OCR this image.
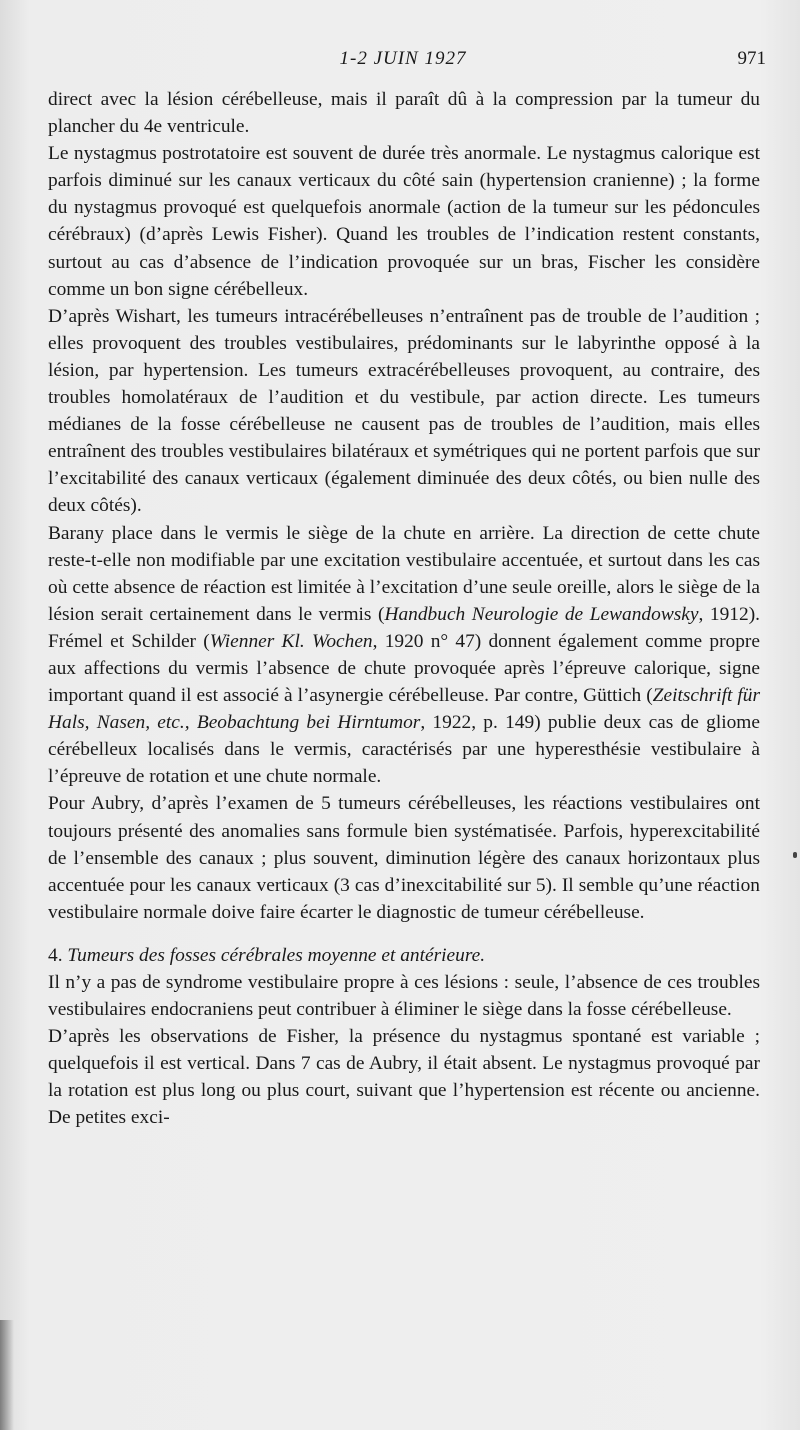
1-2 JUIN 1927	971

direct avec la lésion cérébelleuse, mais il paraît dû à la compression par la tumeur du plancher du 4e ventricule.

Le nystagmus postrotatoire est souvent de durée très anormale. Le nystagmus calorique est parfois diminué sur les canaux verticaux du côté sain (hypertension cranienne) ; la forme du nystagmus provoqué est quelquefois anormale (action de la tumeur sur les pédoncules cérébraux) (d’après Lewis Fisher). Quand les troubles de l’indication restent constants, surtout au cas d’absence de l’indication provoquée sur un bras, Fischer les considère comme un bon signe cérébelleux.

D’après Wishart, les tumeurs intracérébelleuses n’entraînent pas de trouble de l’audition ; elles provoquent des troubles vestibulaires, prédominants sur le labyrinthe opposé à la lésion, par hypertension. Les tumeurs extracérébelleuses provoquent, au contraire, des troubles homolatéraux de l’audition et du vestibule, par action directe. Les tumeurs médianes de la fosse cérébelleuse ne causent pas de troubles de l’audition, mais elles entraînent des troubles vestibulaires bilatéraux et symétriques qui ne portent parfois que sur l’excitabilité des canaux verticaux (également diminuée des deux côtés, ou bien nulle des deux côtés).

Barany place dans le vermis le siège de la chute en arrière. La direction de cette chute reste-t-elle non modifiable par une excitation vestibulaire accentuée, et surtout dans les cas où cette absence de réaction est limitée à l’excitation d’une seule oreille, alors le siège de la lésion serait certainement dans le vermis (Handbuch Neurologie de Lewandowsky, 1912). Frémel et Schilder (Wienner Kl. Wochen, 1920 n° 47) donnent également comme propre aux affections du vermis l’absence de chute provoquée après l’épreuve calorique, signe important quand il est associé à l’asynergie cérébelleuse. Par contre, Güttich (Zeitschrift für Hals, Nasen, etc., Beobachtung bei Hirntumor, 1922, p. 149) publie deux cas de gliome cérébelleux localisés dans le vermis, caractérisés par une hyperesthésie vestibulaire à l’épreuve de rotation et une chute normale.

Pour Aubry, d’après l’examen de 5 tumeurs cérébelleuses, les réactions vestibulaires ont toujours présenté des anomalies sans formule bien systématisée. Parfois, hyperexcitabilité de l’ensemble des canaux ; plus souvent, diminution légère des canaux horizontaux plus accentuée pour les canaux verticaux (3 cas d’inexcitabilité sur 5). Il semble qu’une réaction vestibulaire normale doive faire écarter le diagnostic de tumeur cérébelleuse.

4. Tumeurs des fosses cérébrales moyenne et antérieure.

Il n’y a pas de syndrome vestibulaire propre à ces lésions : seule, l’absence de ces troubles vestibulaires endocraniens peut contribuer à éliminer le siège dans la fosse cérébelleuse.

D’après les observations de Fisher, la présence du nystagmus spontané est variable ; quelquefois il est vertical. Dans 7 cas de Aubry, il était absent. Le nystagmus provoqué par la rotation est plus long ou plus court, suivant que l’hypertension est récente ou ancienne. De petites exci-
